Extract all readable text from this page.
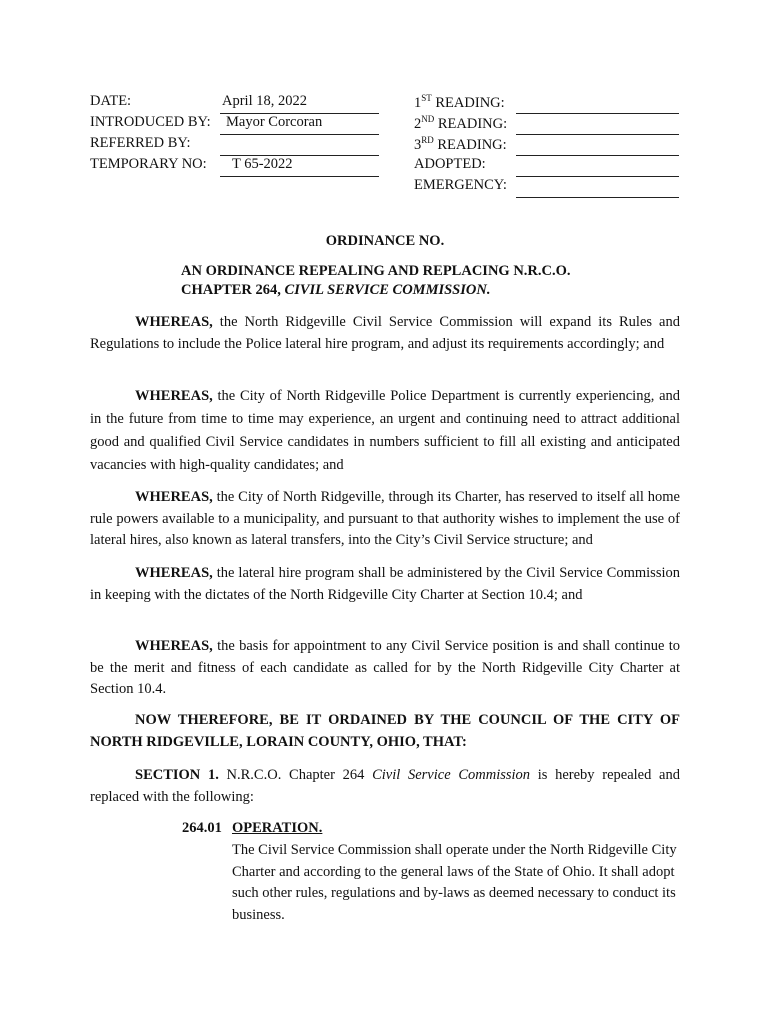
DATE:	April 18, 2022
INTRODUCED BY: Mayor Corcoran
REFERRED BY:
TEMPORARY NO: T 65-2022
1ST READING:
2ND READING:
3RD READING:
ADOPTED:
EMERGENCY:
ORDINANCE NO.
AN ORDINANCE REPEALING AND REPLACING N.R.C.O.
CHAPTER 264, CIVIL SERVICE COMMISSION.

WHEREAS, the North Ridgeville Civil Service Commission will expand its Rules and Regulations to include the Police lateral hire program, and adjust its requirements accordingly; and

WHEREAS, the City of North Ridgeville Police Department is currently experiencing, and in the future from time to time may experience, an urgent and continuing need to attract additional good and qualified Civil Service candidates in numbers sufficient to fill all existing and anticipated vacancies with high-quality candidates; and

WHEREAS, the City of North Ridgeville, through its Charter, has reserved to itself all home rule powers available to a municipality, and pursuant to that authority wishes to implement the use of lateral hires, also known as lateral transfers, into the City’s Civil Service structure; and

WHEREAS, the lateral hire program shall be administered by the Civil Service Commission in keeping with the dictates of the North Ridgeville City Charter at Section 10.4; and

WHEREAS, the basis for appointment to any Civil Service position is and shall continue to be the merit and fitness of each candidate as called for by the North Ridgeville City Charter at Section 10.4.

NOW THEREFORE, BE IT ORDAINED BY THE COUNCIL OF THE CITY OF NORTH RIDGEVILLE, LORAIN COUNTY, OHIO, THAT:

SECTION 1. N.R.C.O. Chapter 264 Civil Service Commission is hereby repealed and replaced with the following:

264.01 OPERATION.
The Civil Service Commission shall operate under the North Ridgeville City Charter and according to the general laws of the State of Ohio. It shall adopt such other rules, regulations and by-laws as deemed necessary to conduct its business.
